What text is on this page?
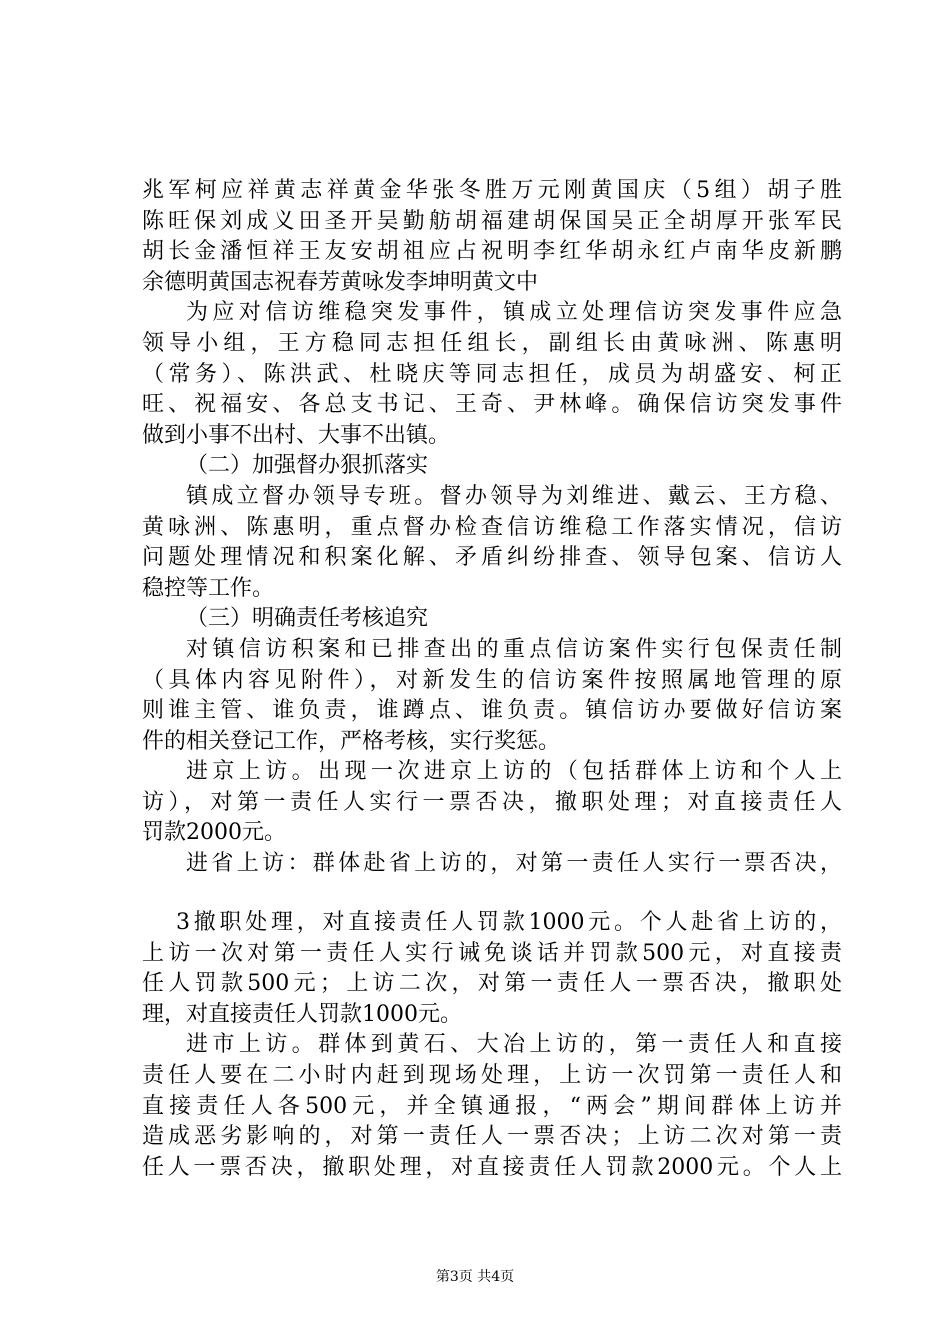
兆军柯应祥黄志祥黄金华张冬胜万元刚黄国庆（5组）胡子胜
陈旺保刘成义田圣开吴勤舫胡福建胡保国吴正全胡厚开张军民
胡长金潘恒祥王友安胡祖应占祝明李红华胡永红卢南华皮新鹏
余德明黄国志祝春芳黄咏发李坤明黄文中
为应对信访维稳突发事件，镇成立处理信访突发事件应急
领导小组，王方稳同志担任组长，副组长由黄咏洲、陈惠明
（常务）、陈洪武、杜晓庆等同志担任，成员为胡盛安、柯正
旺、祝福安、各总支书记、王奇、尹林峰。确保信访突发事件
做到小事不出村、大事不出镇。
（二）加强督办狠抓落实
镇成立督办领导专班。督办领导为刘维进、戴云、王方稳、
黄咏洲、陈惠明，重点督办检查信访维稳工作落实情况，信访
问题处理情况和积案化解、矛盾纠纷排查、领导包案、信访人
稳控等工作。
（三）明确责任考核追究
对镇信访积案和已排查出的重点信访案件实行包保责任制
（具体内容见附件），对新发生的信访案件按照属地管理的原
则谁主管、谁负责，谁蹲点、谁负责。镇信访办要做好信访案
件的相关登记工作，严格考核，实行奖惩。
进京上访。出现一次进京上访的（包括群体上访和个人上
访），对第一责任人实行一票否决，撤职处理；对直接责任人
罚款2000元。
进省上访：群体赴省上访的，对第一责任人实行一票否决，
3撤职处理，对直接责任人罚款1000元。个人赴省上访的，
上访一次对第一责任人实行诫免谈话并罚款500元，对直接责
任人罚款500元；上访二次，对第一责任人一票否决，撤职处
理，对直接责任人罚款1000元。
进市上访。群体到黄石、大冶上访的，第一责任人和直接
责任人要在二小时内赶到现场处理，上访一次罚第一责任人和
直接责任人各500元，并全镇通报，“两会”期间群体上访并
造成恶劣影响的，对第一责任人一票否决；上访二次对第一责
任人一票否决，撤职处理，对直接责任人罚款2000元。个人上
第3页 共4页
